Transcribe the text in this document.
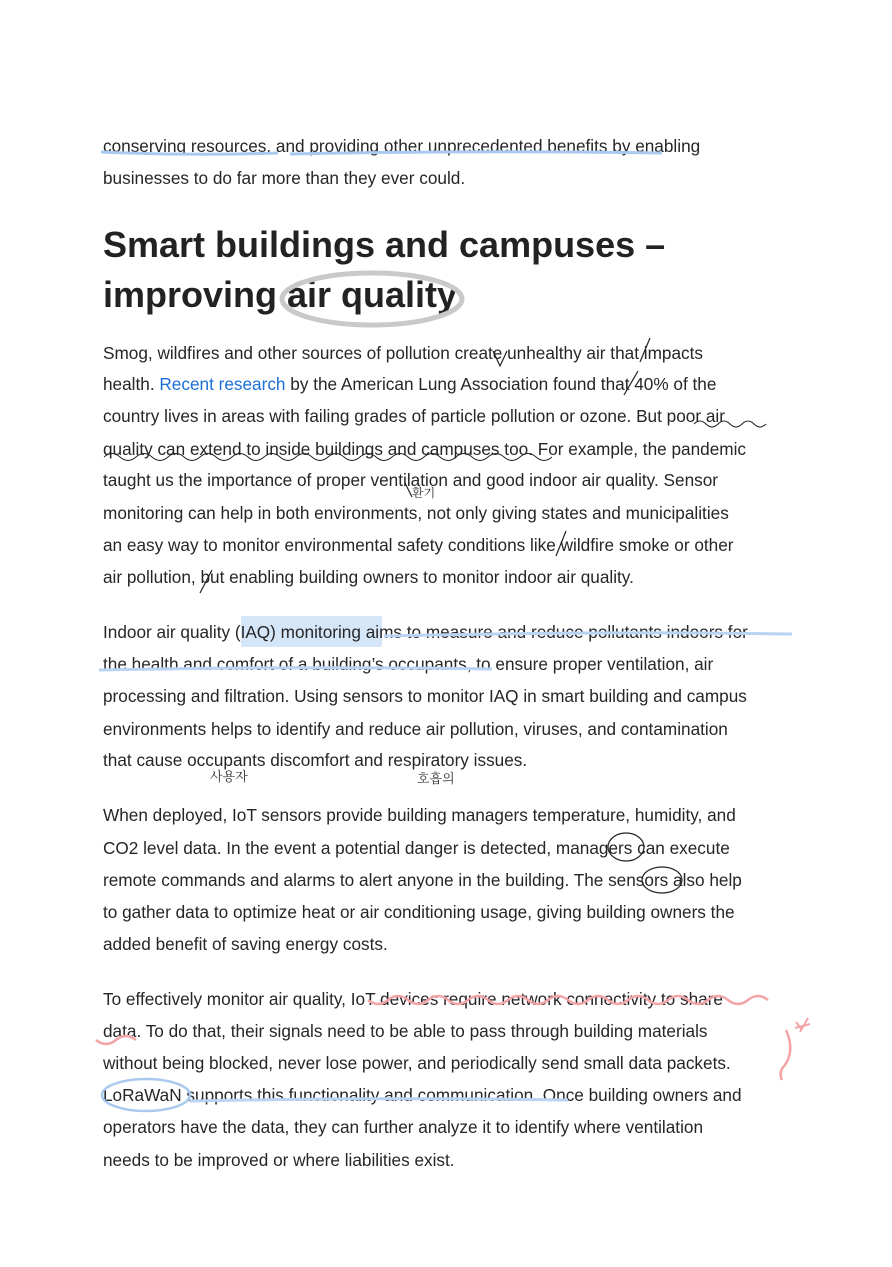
conserving resources, and providing other unprecedented benefits by enabling
businesses to do far more than they ever could.
Smart buildings and campuses –
improving air quality
Smog, wildfires and other sources of pollution create unhealthy air that impacts
health. Recent research by the American Lung Association found that 40% of the
country lives in areas with failing grades of particle pollution or ozone. But poor air
quality can extend to inside buildings and campuses too. For example, the pandemic
taught us the importance of proper ventilation and good indoor air quality. Sensor
monitoring can help in both environments, not only giving states and municipalities
an easy way to monitor environmental safety conditions like wildfire smoke or other
air pollution, but enabling building owners to monitor indoor air quality.
Indoor air quality (IAQ) monitoring aims to measure and reduce pollutants indoors for
the health and comfort of a building’s occupants, to ensure proper ventilation, air
processing and filtration. Using sensors to monitor IAQ in smart building and campus
environments helps to identify and reduce air pollution, viruses, and contamination
that cause occupants discomfort and respiratory issues.
When deployed, IoT sensors provide building managers temperature, humidity, and
CO2 level data. In the event a potential danger is detected, managers can execute
remote commands and alarms to alert anyone in the building. The sensors also help
to gather data to optimize heat or air conditioning usage, giving building owners the
added benefit of saving energy costs.
To effectively monitor air quality, IoT devices require network connectivity to share
data. To do that, their signals need to be able to pass through building materials
without being blocked, never lose power, and periodically send small data packets.
LoRaWaN supports this functionality and communication. Once building owners and
operators have the data, they can further analyze it to identify where ventilation
needs to be improved or where liabilities exist.
환기
사용자	호흡의
